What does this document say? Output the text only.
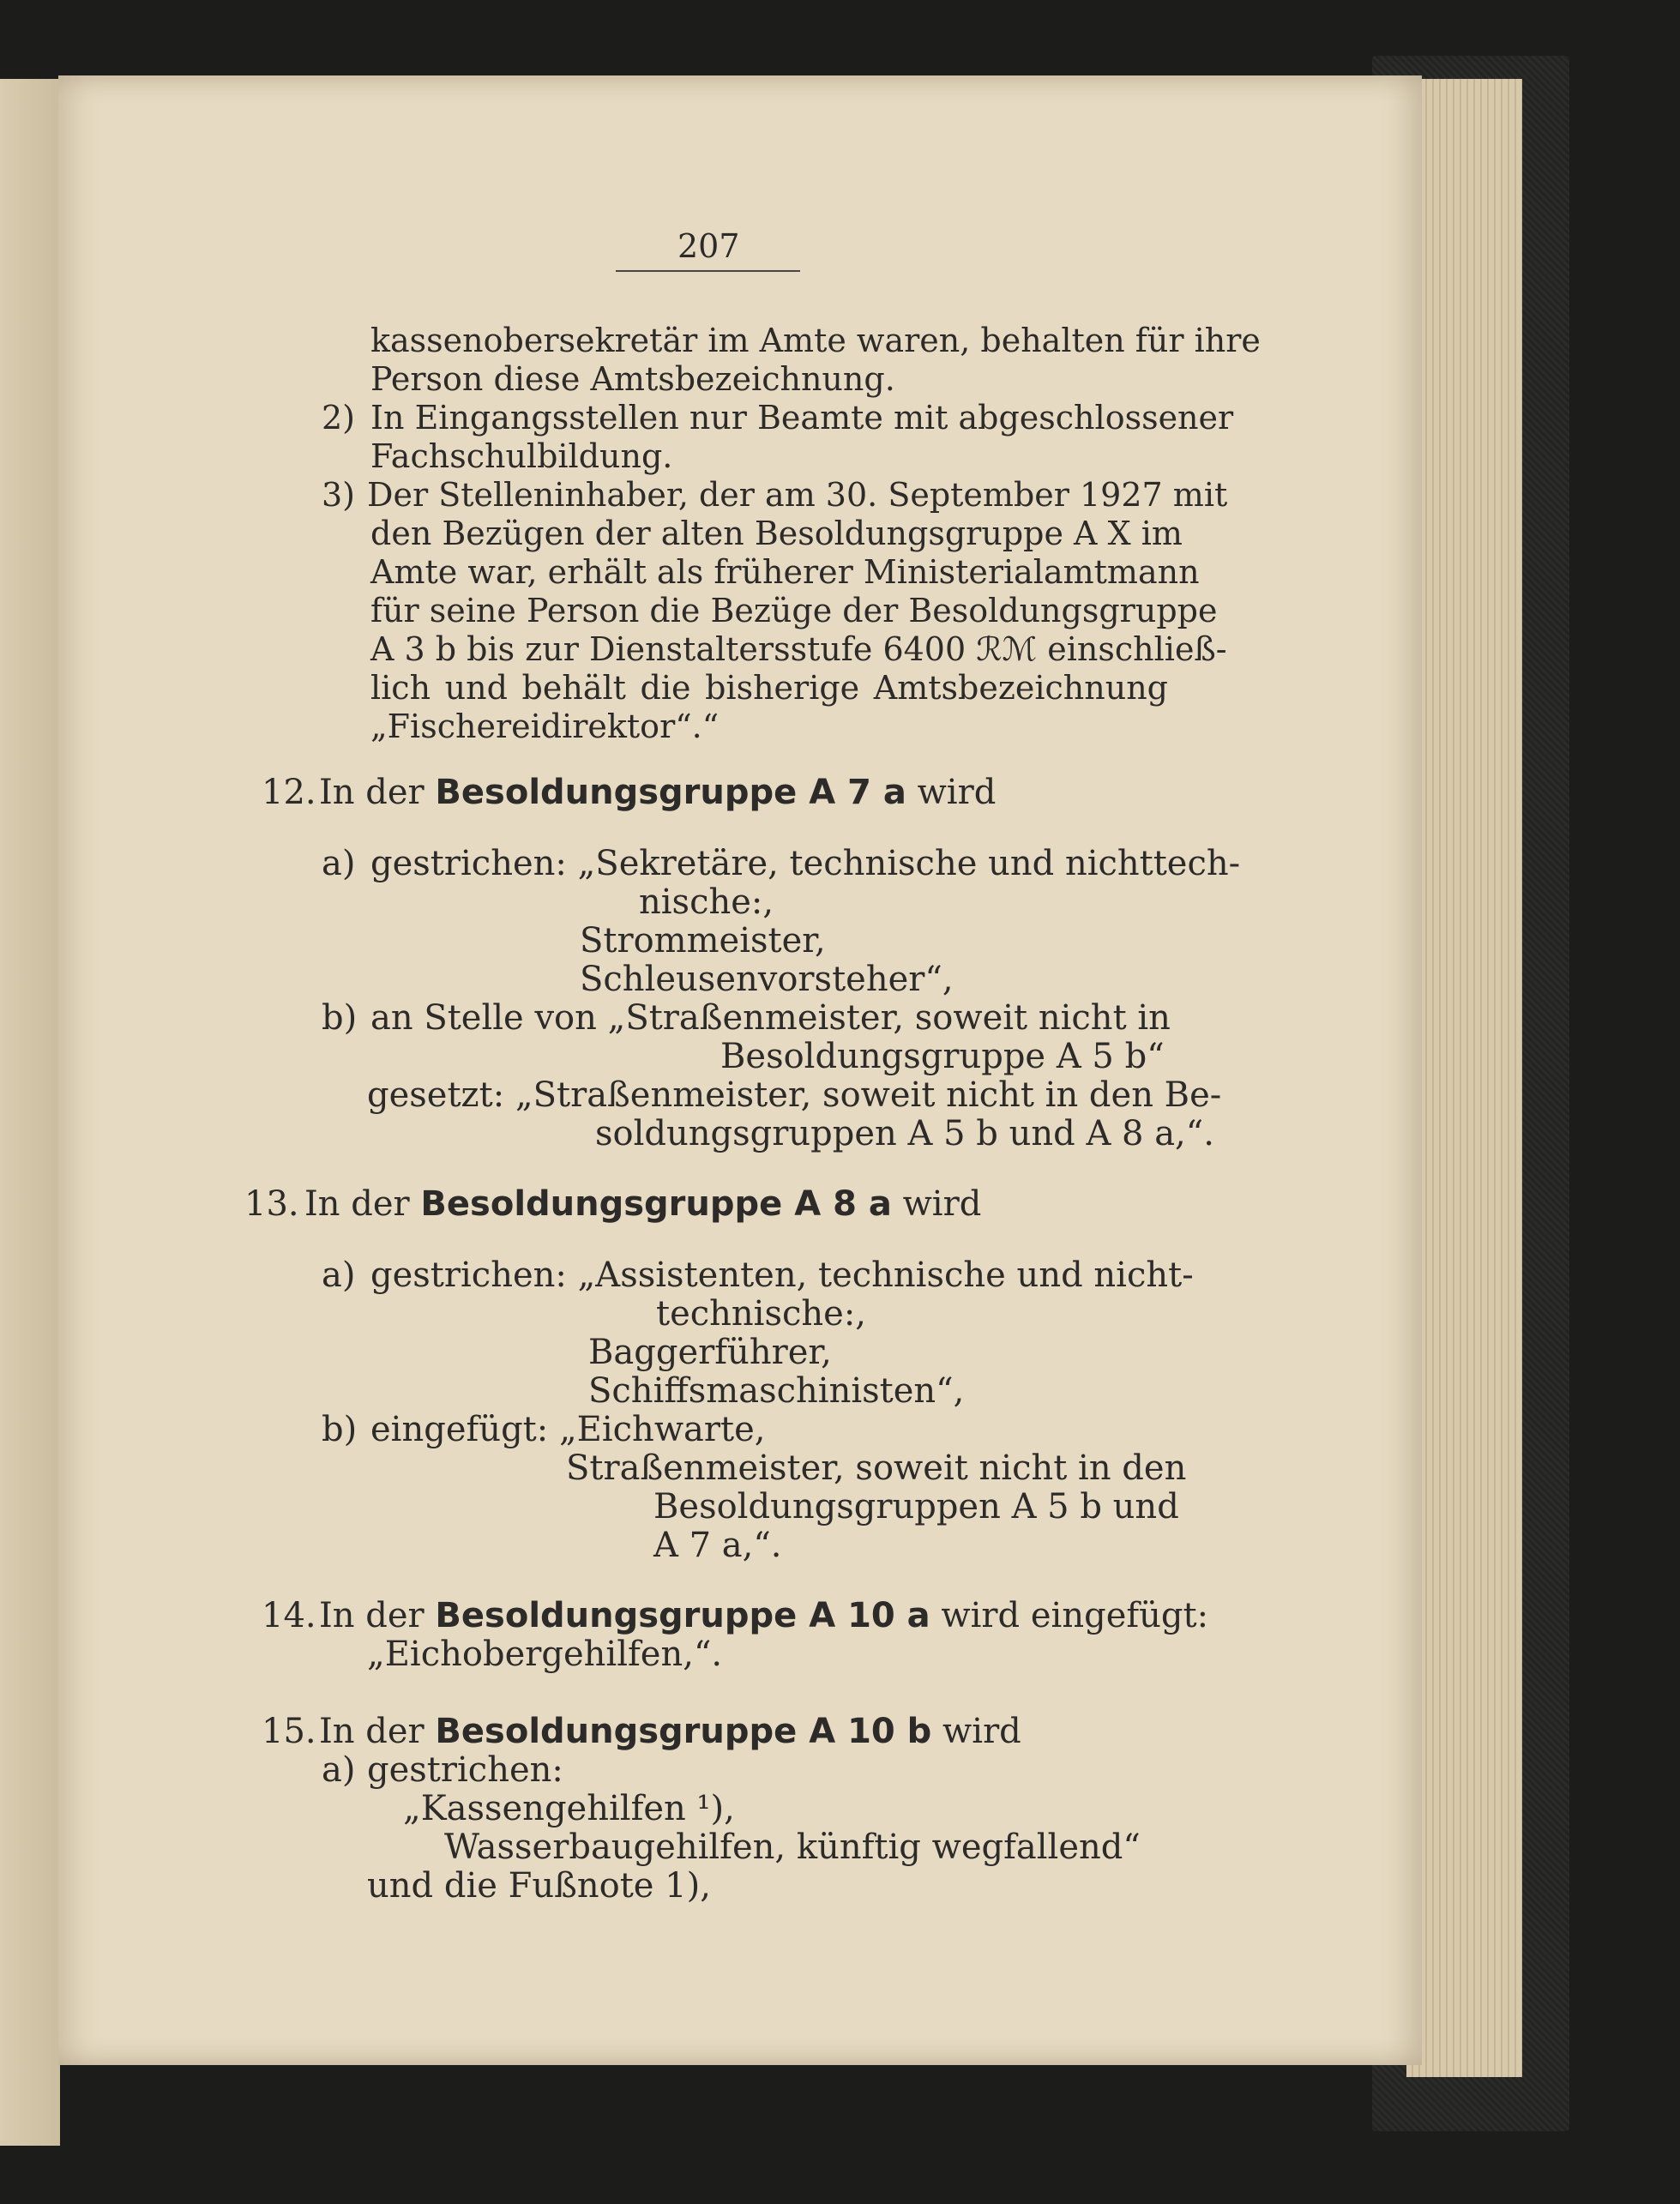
207
kassenobersekretär im Amte waren, behalten für ihre
Person diese Amtsbezeichnung.
2) In Eingangsstellen nur Beamte mit abgeschlossener
Fachschulbildung.
3) Der Stelleninhaber, der am 30. September 1927 mit
den Bezügen der alten Besoldungsgruppe A X im
Amte war, erhält als früherer Ministerialamtmann
für seine Person die Bezüge der Besoldungsgruppe
A 3 b bis zur Dienstaltersstufe 6400 ℛℳ einschließ-
lich und behält die bisherige Amtsbezeichnung
„Fischereidirektor“.“
12. In der Besoldungsgruppe A 7 a wird
a) gestrichen: „Sekretäre, technische und nichttech-
nische:,
Strommeister,
Schleusenvorsteher“,
b) an Stelle von „Straßenmeister, soweit nicht in
Besoldungsgruppe A 5 b“
gesetzt: „Straßenmeister, soweit nicht in den Be-
soldungsgruppen A 5 b und A 8 a,“.
13. In der Besoldungsgruppe A 8 a wird
a) gestrichen: „Assistenten, technische und nicht-
technische:,
Baggerführer,
Schiffsmaschinisten“,
b) eingefügt: „Eichwarte,
Straßenmeister, soweit nicht in den
Besoldungsgruppen A 5 b und
A 7 a,“.
14. In der Besoldungsgruppe A 10 a wird eingefügt:
„Eichobergehilfen,“.
15. In der Besoldungsgruppe A 10 b wird
a) gestrichen:
„Kassengehilfen ¹),
Wasserbaugehilfen, künftig wegfallend“
und die Fußnote 1),
